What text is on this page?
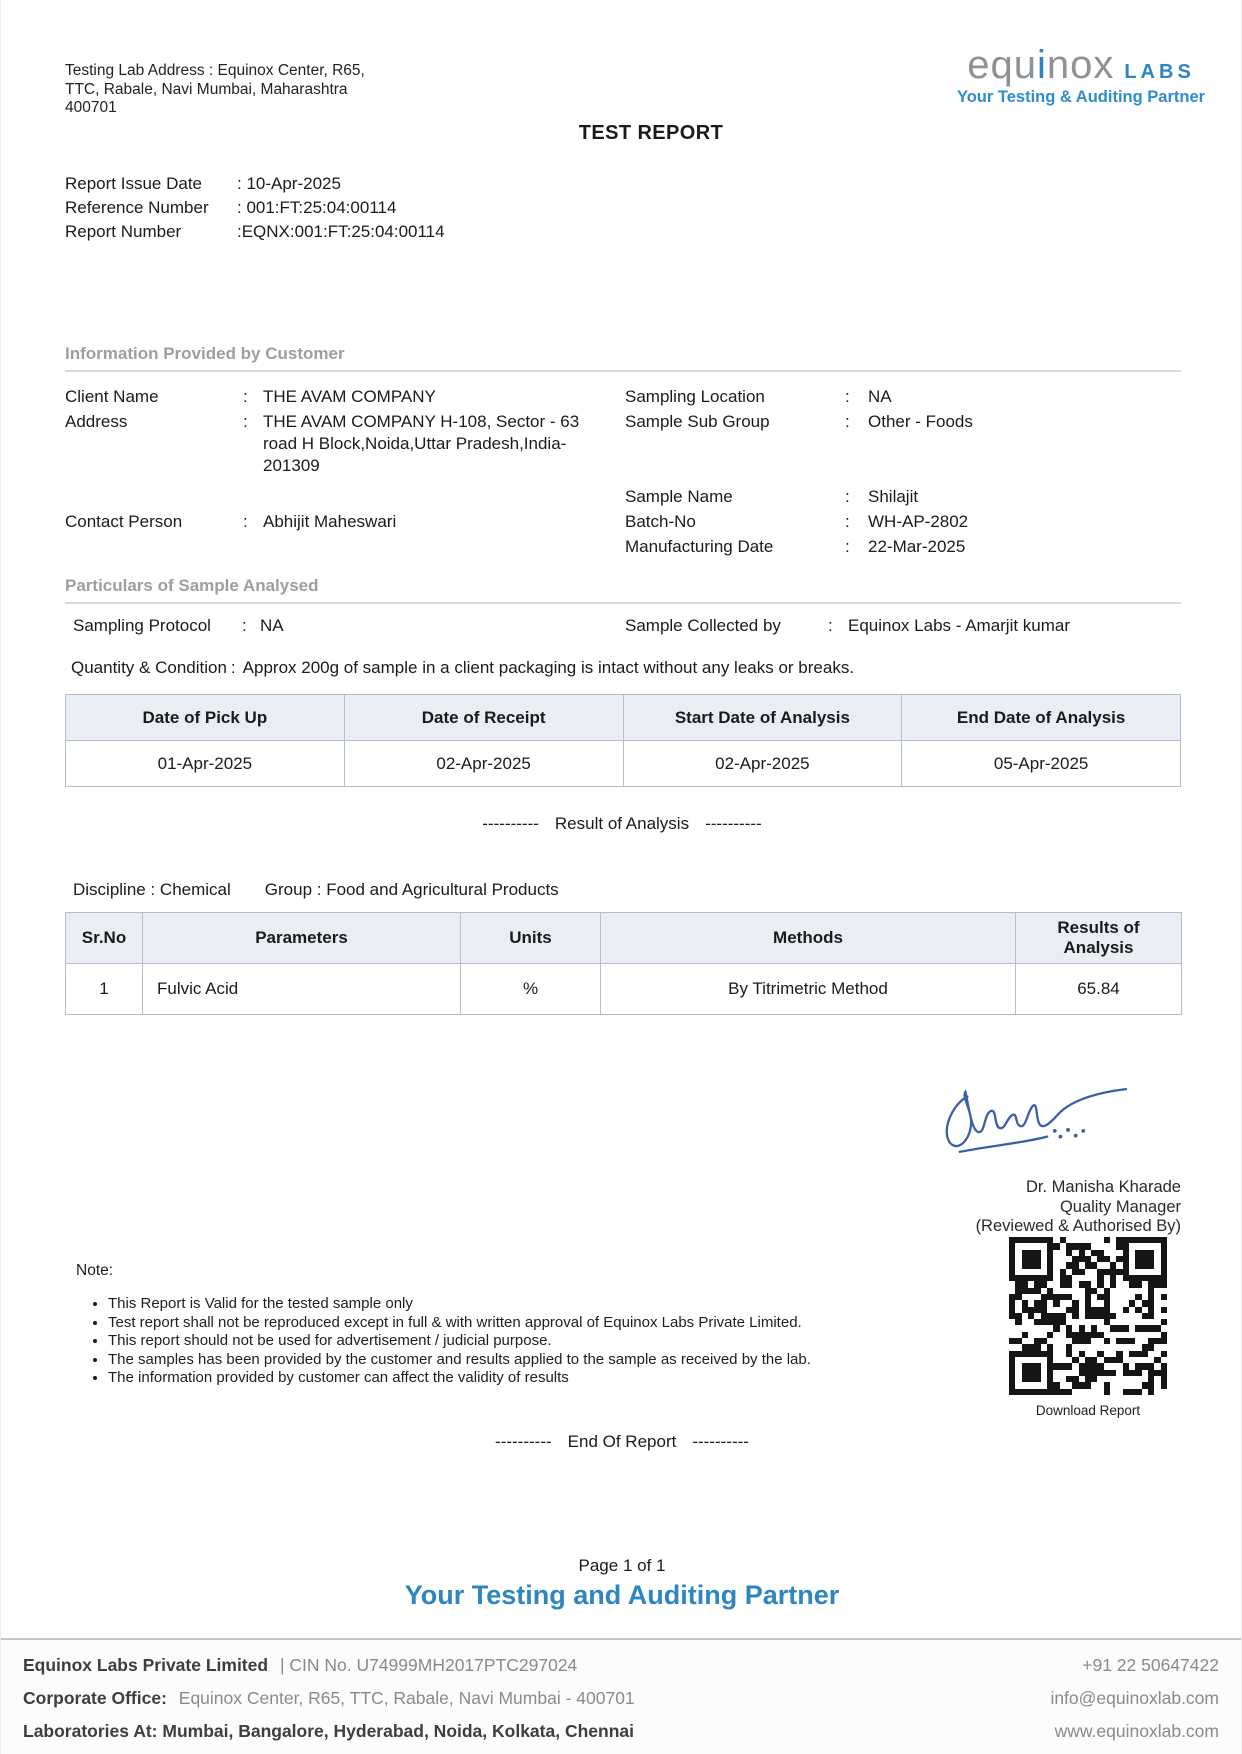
Testing Lab Address : Equinox Center, R65,
TTC, Rabale, Navi Mumbai, Maharashtra
400701
equinox LABS
Your Testing & Auditing Partner
TEST REPORT
Report Issue Date	: 10-Apr-2025
Reference Number	: 001:FT:25:04:00114
Report Number	:EQNX:001:FT:25:04:00114
Information Provided by Customer
Client Name	: THE AVAM COMPANY	Sampling Location	: NA
Address	: THE AVAM COMPANY H-108, Sector - 63 road H Block,Noida,Uttar Pradesh,India-201309
Sample Sub Group	: Other - Foods
Sample Name	: Shilajit
Contact Person	: Abhijit Maheswari	Batch-No	: WH-AP-2802
Manufacturing Date	: 22-Mar-2025
Particulars of Sample Analysed
Sampling Protocol : NA	Sample Collected by	: Equinox Labs - Amarjit kumar
Quantity & Condition : Approx 200g of sample in a client packaging is intact without any leaks or breaks.
Date of Pick Up	Date of Receipt	Start Date of Analysis	End Date of Analysis
01-Apr-2025	02-Apr-2025	02-Apr-2025	05-Apr-2025
---------- Result of Analysis ----------
Discipline : Chemical Group : Food and Agricultural Products
Sr.No	Parameters	Units	Methods	Results of Analysis
1	Fulvic Acid	%	By Titrimetric Method	65.84
Dr. Manisha Kharade
Quality Manager
(Reviewed & Authorised By)
Download Report
Note:
• This Report is Valid for the tested sample only
• Test report shall not be reproduced except in full & with written approval of Equinox Labs Private Limited.
• This report should not be used for advertisement / judicial purpose.
• The samples has been provided by the customer and results applied to the sample as received by the lab.
• The information provided by customer can affect the validity of results
---------- End Of Report ----------
Page 1 of 1
Your Testing and Auditing Partner
Equinox Labs Private Limited | CIN No. U74999MH2017PTC297024	+91 22 50647422
Corporate Office: Equinox Center, R65, TTC, Rabale, Navi Mumbai - 400701	info@equinoxlab.com
Laboratories At: Mumbai, Bangalore, Hyderabad, Noida, Kolkata, Chennai	www.equinoxlab.com
